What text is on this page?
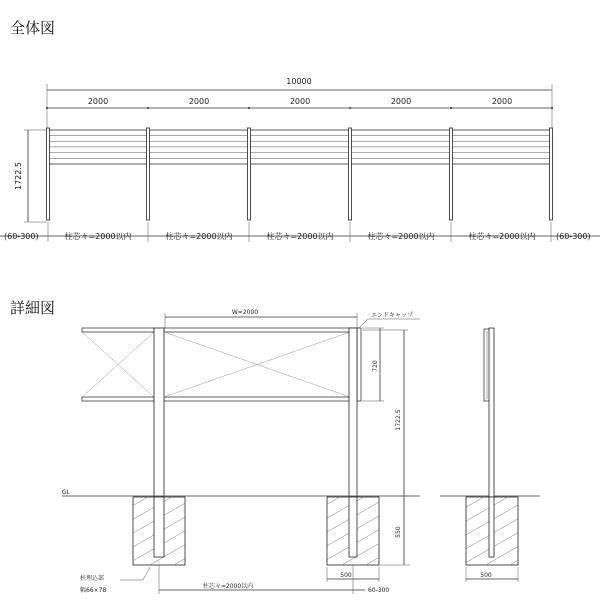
全体図
10000
2000	2000	2000	2000	2000
1722.5
(60-300)	柱芯々=2000以内	柱芯々=2000以内	柱芯々=2000以内	柱芯々=2000以内	柱芯々=2000以内	(60-300)
詳細図	W=2000	エンドキャップ
720
1722.5
GL
550
500
柱芯々=2000以内
60-300
柱埋込部
幅66×78
500
